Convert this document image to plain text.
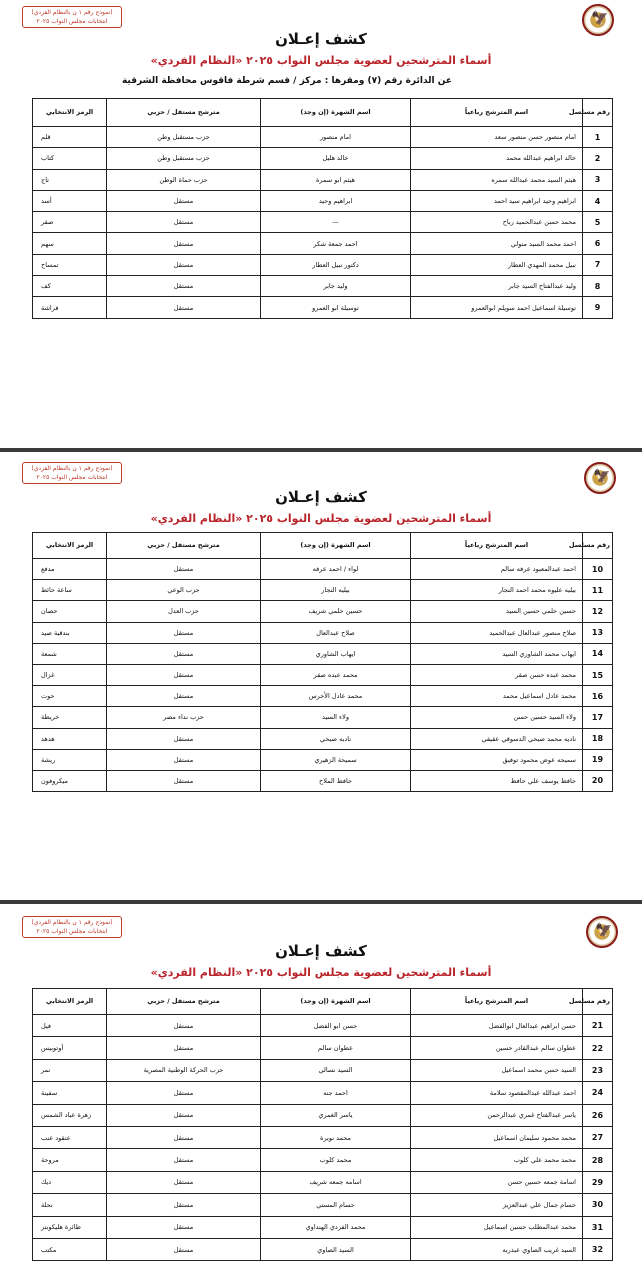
🦅
(نموذج رقم ١ ن بالنظام الفردي)
انتخابات مجلس النواب ٢٠٢٥
كشف إعـلان
أسماء المترشحين لعضوية مجلس النواب ٢٠٢٥ «النظام الفردي»
عن الدائرة رقم (٧) ومقرها : مركز / قسم شرطة فاقوس محافظة الشرقية
رقم مسلسل	اسم المترشح رباعياً	اسم الشهرة (إن وجد)	مترشح مستقل / حزبي	الرمز الانتخابي
1	امام منصور حسن منصور سعد	امام منصور	حزب مستقبل وطن	قلم
2	خالد ابراهيم عبدالله محمد	خالد هليل	حزب مستقبل وطن	كتاب
3	هيثم السيد محمد عبدالله سمره	هيثم ابو سمرة	حزب حماة الوطن	تاج
4	ابراهيم وحيد ابراهيم سيد احمد	ابراهيم وحيد	مستقل	أسد
5	محمد حسن عبدالحميد رباح	—	مستقل	صقر
6	احمد محمد السيد متولي	احمد جمعة شكر	مستقل	سهم
7	نبيل محمد المهدي العطار	دكتور نبيل العطار	مستقل	تمساح
8	وليد عبدالفتاح السيد جابر	وليد جابر	مستقل	كف
9	توسيلة اسماعيل احمد سويلم ابوالعمرو	توسيلة ابو العمرو	مستقل	فراشة
🦅
(نموذج رقم ١ ن بالنظام الفردي)
انتخابات مجلس النواب ٢٠٢٥
كشف إعـلان
أسماء المترشحين لعضوية مجلس النواب ٢٠٢٥ «النظام الفردي»
رقم مسلسل	اسم المترشح رباعياً	اسم الشهرة (إن وجد)	مترشح مستقل / حزبي	الرمز الانتخابي
10	احمد عبدالمعبود عرفه سالم	لواء / احمد عرفه	مستقل	مدفع
11	بيليه عليوه محمد احمد النجار	بيليه النجار	حزب الوعي	ساعة حائط
12	حسين حلمي حسين السيد	حسين حلمي شريف	حزب العدل	حصان
13	صلاح منصور عبدالعال عبدالحميد	صلاح عبدالعال	مستقل	بندقية صيد
14	ايهاب محمد الشاوري السيد	ايهاب الشاوري	مستقل	شمعة
15	محمد عبده حسن صقر	محمد عبده صقر	مستقل	غزال
16	محمد عادل اسماعيل محمد	محمد عادل الأخرس	مستقل	حوت
17	ولاء السيد حسين حسن	ولاء السيد	حزب نداء مصر	خريطة
18	ناديه محمد صبحي الدسوقي عقيقي	ناديه صبحي	مستقل	هدهد
19	سميحه عوض محمود توفيق	سميحة الزهيري	مستقل	ريشة
20	حافظ يوسف علي حافظ	حافظ الملاح	مستقل	ميكروفون
🦅
(نموذج رقم ١ ن بالنظام الفردي)
انتخابات مجلس النواب ٢٠٢٥
كشف إعـلان
أسماء المترشحين لعضوية مجلس النواب ٢٠٢٥ «النظام الفردي»
رقم مسلسل	اسم المترشح رباعياً	اسم الشهرة (إن وجد)	مترشح مستقل / حزبي	الرمز الانتخابي
21	حسن ابراهيم عبدالعال ابوالفضل	حسن ابو الفضل	مستقل	فيل
22	عطوان سالم عبدالقادر حسين	عطوان سالم	مستقل	أوتوبيس
23	السيد حسن محمد اسماعيل	السيد نسالي	حزب الحركة الوطنية المصرية	نمر
24	احمد عبدالله عبدالمقصود سلامة	احمد جنه	مستقل	سفينة
26	ياسر عبدالفتاح غمري عبدالرحمن	ياسر الغمري	مستقل	زهرة عباد الشمس
27	محمد محمود سليمان اسماعيل	محمد نويرة	مستقل	عنقود عنب
28	محمد محمد علي كلوب	محمد كلوب	مستقل	مروحة
29	اسامة جمعه حسين حسن	اسامه جمعه شريف	مستقل	ديك
30	حسام جمال علي عبدالعزيز	حسام المستي	مستقل	نحلة
31	محمد عبدالمطلب حسين اسماعيل	محمد الفردي الهنداوي	مستقل	طائرة هليكوبتر
32	السيد غريب الصاوي عبدربه	السيد الصاوي	مستقل	مكتب
